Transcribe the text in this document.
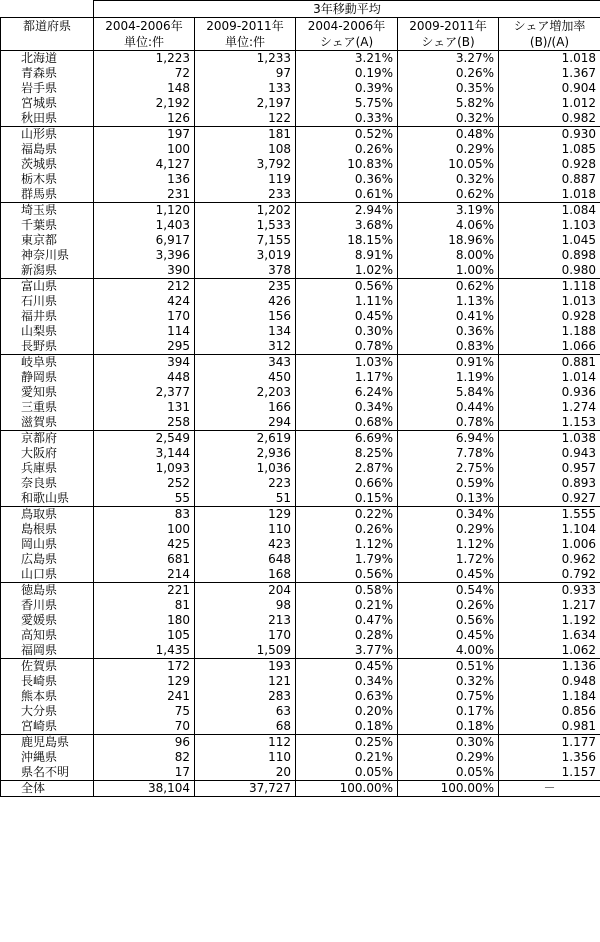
	3年移動平均				
都道府県	2004-2006年	2009-2011年	2004-2006年	2009-2011年	シェア増加率
	単位:件	単位:件	シェア(A)	シェア(B)	(B)/(A)
北海道	1,223	1,233	3.21%	3.27%	1.018
青森県	72	97	0.19%	0.26%	1.367
岩手県	148	133	0.39%	0.35%	0.904
宮城県	2,192	2,197	5.75%	5.82%	1.012
秋田県	126	122	0.33%	0.32%	0.982
山形県	197	181	0.52%	0.48%	0.930
福島県	100	108	0.26%	0.29%	1.085
茨城県	4,127	3,792	10.83%	10.05%	0.928
栃木県	136	119	0.36%	0.32%	0.887
群馬県	231	233	0.61%	0.62%	1.018
埼玉県	1,120	1,202	2.94%	3.19%	1.084
千葉県	1,403	1,533	3.68%	4.06%	1.103
東京都	6,917	7,155	18.15%	18.96%	1.045
神奈川県	3,396	3,019	8.91%	8.00%	0.898
新潟県	390	378	1.02%	1.00%	0.980
富山県	212	235	0.56%	0.62%	1.118
石川県	424	426	1.11%	1.13%	1.013
福井県	170	156	0.45%	0.41%	0.928
山梨県	114	134	0.30%	0.36%	1.188
長野県	295	312	0.78%	0.83%	1.066
岐阜県	394	343	1.03%	0.91%	0.881
静岡県	448	450	1.17%	1.19%	1.014
愛知県	2,377	2,203	6.24%	5.84%	0.936
三重県	131	166	0.34%	0.44%	1.274
滋賀県	258	294	0.68%	0.78%	1.153
京都府	2,549	2,619	6.69%	6.94%	1.038
大阪府	3,144	2,936	8.25%	7.78%	0.943
兵庫県	1,093	1,036	2.87%	2.75%	0.957
奈良県	252	223	0.66%	0.59%	0.893
和歌山県	55	51	0.15%	0.13%	0.927
鳥取県	83	129	0.22%	0.34%	1.555
島根県	100	110	0.26%	0.29%	1.104
岡山県	425	423	1.12%	1.12%	1.006
広島県	681	648	1.79%	1.72%	0.962
山口県	214	168	0.56%	0.45%	0.792
徳島県	221	204	0.58%	0.54%	0.933
香川県	81	98	0.21%	0.26%	1.217
愛媛県	180	213	0.47%	0.56%	1.192
高知県	105	170	0.28%	0.45%	1.634
福岡県	1,435	1,509	3.77%	4.00%	1.062
佐賀県	172	193	0.45%	0.51%	1.136
長崎県	129	121	0.34%	0.32%	0.948
熊本県	241	283	0.63%	0.75%	1.184
大分県	75	63	0.20%	0.17%	0.856
宮崎県	70	68	0.18%	0.18%	0.981
鹿児島県	96	112	0.25%	0.30%	1.177
沖縄県	82	110	0.21%	0.29%	1.356
県名不明	17	20	0.05%	0.05%	1.157
全体	38,104	37,727	100.00%	100.00%	－
